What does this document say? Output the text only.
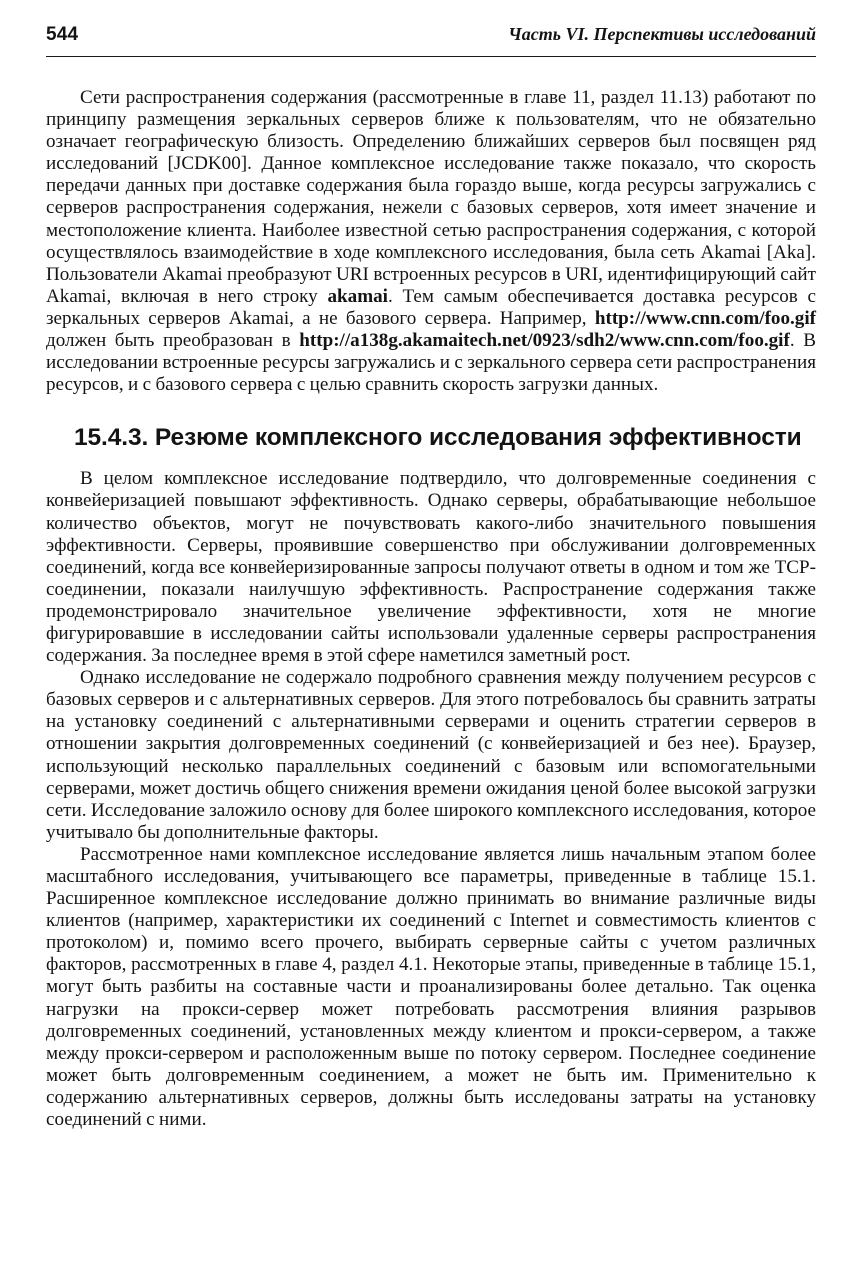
544	Часть VI. Перспективы исследований

Сети распространения содержания (рассмотренные в главе 11, раздел 11.13) работают по принципу размещения зеркальных серверов ближе к пользователям, что не обязательно означает географическую близость. Определению ближайших серверов был посвящен ряд исследований [JCDK00]. Данное комплексное исследование также показало, что скорость передачи данных при доставке содержания была гораздо выше, когда ресурсы загружались с серверов распространения содержания, нежели с базовых серверов, хотя имеет значение и местоположение клиента. Наиболее известной сетью распространения содержания, с которой осуществлялось взаимодействие в ходе комплексного исследования, была сеть Akamai [Aka]. Пользователи Akamai преобразуют URI встроенных ресурсов в URI, идентифицирующий сайт Akamai, включая в него строку akamai. Тем самым обеспечивается доставка ресурсов с зеркальных серверов Akamai, а не базового сервера. Например, http://www.cnn.com/foo.gif должен быть преобразован в http://a138g.akamaitech.net/0923/sdh2/www.cnn.com/foo.gif. В исследовании встроенные ресурсы загружались и с зеркального сервера сети распространения ресурсов, и с базового сервера с целью сравнить скорость загрузки данных.

15.4.3. Резюме комплексного исследования эффективности

В целом комплексное исследование подтвердило, что долговременные соединения с конвейеризацией повышают эффективность. Однако серверы, обрабатывающие небольшое количество объектов, могут не почувствовать какого-либо значительного повышения эффективности. Серверы, проявившие совершенство при обслуживании долговременных соединений, когда все конвейеризированные запросы получают ответы в одном и том же TCP-соединении, показали наилучшую эффективность. Распространение содержания также продемонстрировало значительное увеличение эффективности, хотя не многие фигурировавшие в исследовании сайты использовали удаленные серверы распространения содержания. За последнее время в этой сфере наметился заметный рост.

Однако исследование не содержало подробного сравнения между получением ресурсов с базовых серверов и с альтернативных серверов. Для этого потребовалось бы сравнить затраты на установку соединений с альтернативными серверами и оценить стратегии серверов в отношении закрытия долговременных соединений (с конвейеризацией и без нее). Браузер, использующий несколько параллельных соединений с базовым или вспомогательными серверами, может достичь общего снижения времени ожидания ценой более высокой загрузки сети. Исследование заложило основу для более широкого комплексного исследования, которое учитывало бы дополнительные факторы.

Рассмотренное нами комплексное исследование является лишь начальным этапом более масштабного исследования, учитывающего все параметры, приведенные в таблице 15.1. Расширенное комплексное исследование должно принимать во внимание различные виды клиентов (например, характеристики их соединений с Internet и совместимость клиентов с протоколом) и, помимо всего прочего, выбирать серверные сайты с учетом различных факторов, рассмотренных в главе 4, раздел 4.1. Некоторые этапы, приведенные в таблице 15.1, могут быть разбиты на составные части и проанализированы более детально. Так оценка нагрузки на прокси-сервер может потребовать рассмотрения влияния разрывов долговременных соединений, установленных между клиентом и прокси-сервером, а также между прокси-сервером и расположенным выше по потоку сервером. Последнее соединение может быть долговременным соединением, а может не быть им. Применительно к содержанию альтернативных серверов, должны быть исследованы затраты на установку соединений с ними.
